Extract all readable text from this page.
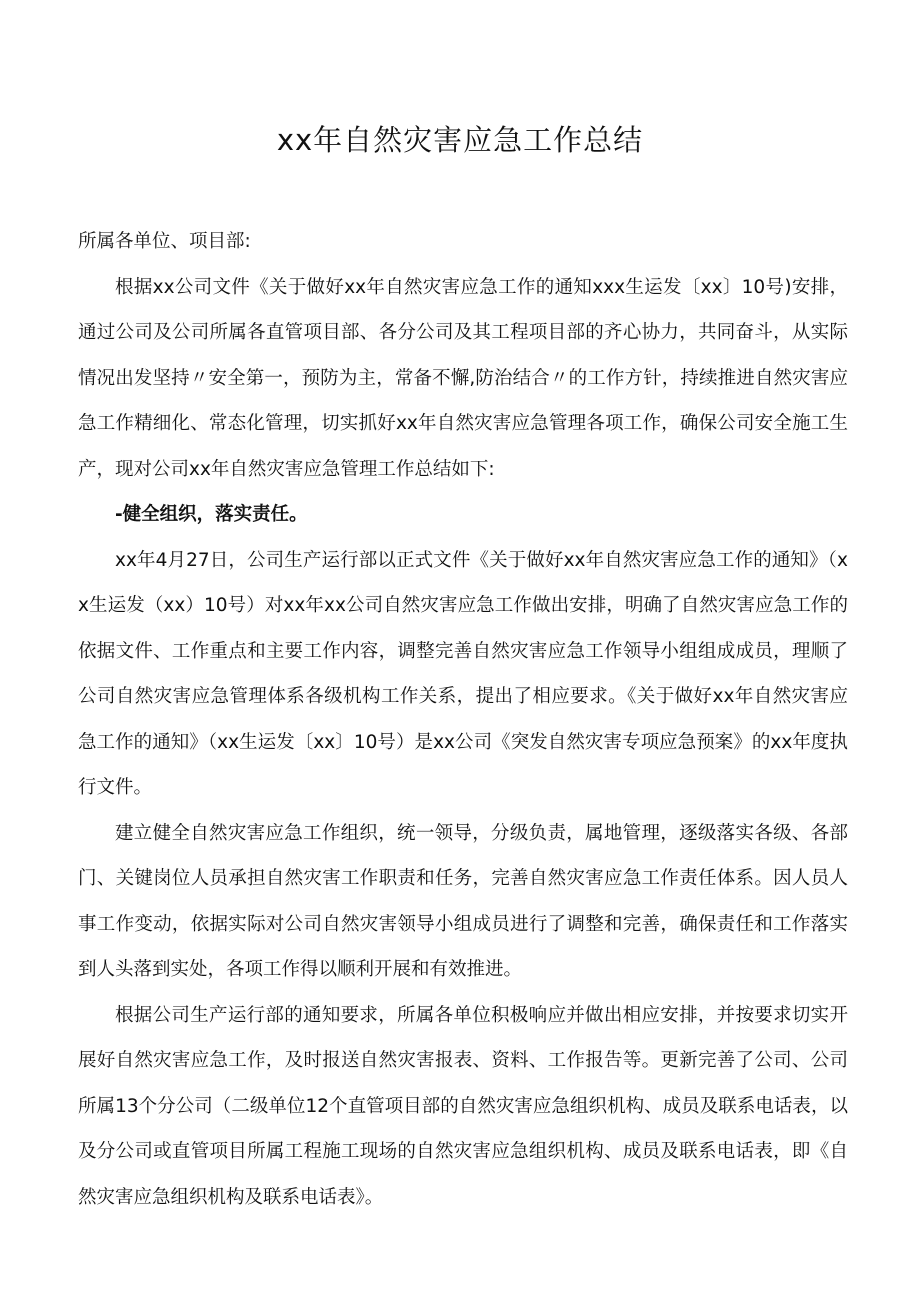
xx年自然灾害应急工作总结

所属各单位、项目部:

根据xx公司文件《关于做好xx年自然灾害应急工作的通知xxx生运发〔xx〕10号)安排，通过公司及公司所属各直管项目部、各分公司及其工程项目部的齐心协力，共同奋斗，从实际情况出发坚持〃安全第一，预防为主，常备不懈,防治结合〃的工作方针，持续推进自然灾害应急工作精细化、常态化管理，切实抓好xx年自然灾害应急管理各项工作，确保公司安全施工生产，现对公司xx年自然灾害应急管理工作总结如下:

-健全组织，落实责任。

xx年4月27日，公司生产运行部以正式文件《关于做好xx年自然灾害应急工作的通知》（xx生运发（xx）10号）对xx年xx公司自然灾害应急工作做出安排，明确了自然灾害应急工作的依据文件、工作重点和主要工作内容，调整完善自然灾害应急工作领导小组组成成员，理顺了公司自然灾害应急管理体系各级机构工作关系，提出了相应要求。《关于做好xx年自然灾害应急工作的通知》（xx生运发〔xx〕10号）是xx公司《突发自然灾害专项应急预案》的xx年度执行文件。

建立健全自然灾害应急工作组织，统一领导，分级负责，属地管理，逐级落实各级、各部门、关键岗位人员承担自然灾害工作职责和任务，完善自然灾害应急工作责任体系。因人员人事工作变动，依据实际对公司自然灾害领导小组成员进行了调整和完善，确保责任和工作落实到人头落到实处，各项工作得以顺利开展和有效推进。

根据公司生产运行部的通知要求，所属各单位积极响应并做出相应安排，并按要求切实开展好自然灾害应急工作，及时报送自然灾害报表、资料、工作报告等。更新完善了公司、公司所属13个分公司（二级单位12个直管项目部的自然灾害应急组织机构、成员及联系电话表，以及分公司或直管项目所属工程施工现场的自然灾害应急组织机构、成员及联系电话表，即《自然灾害应急组织机构及联系电话表》。
